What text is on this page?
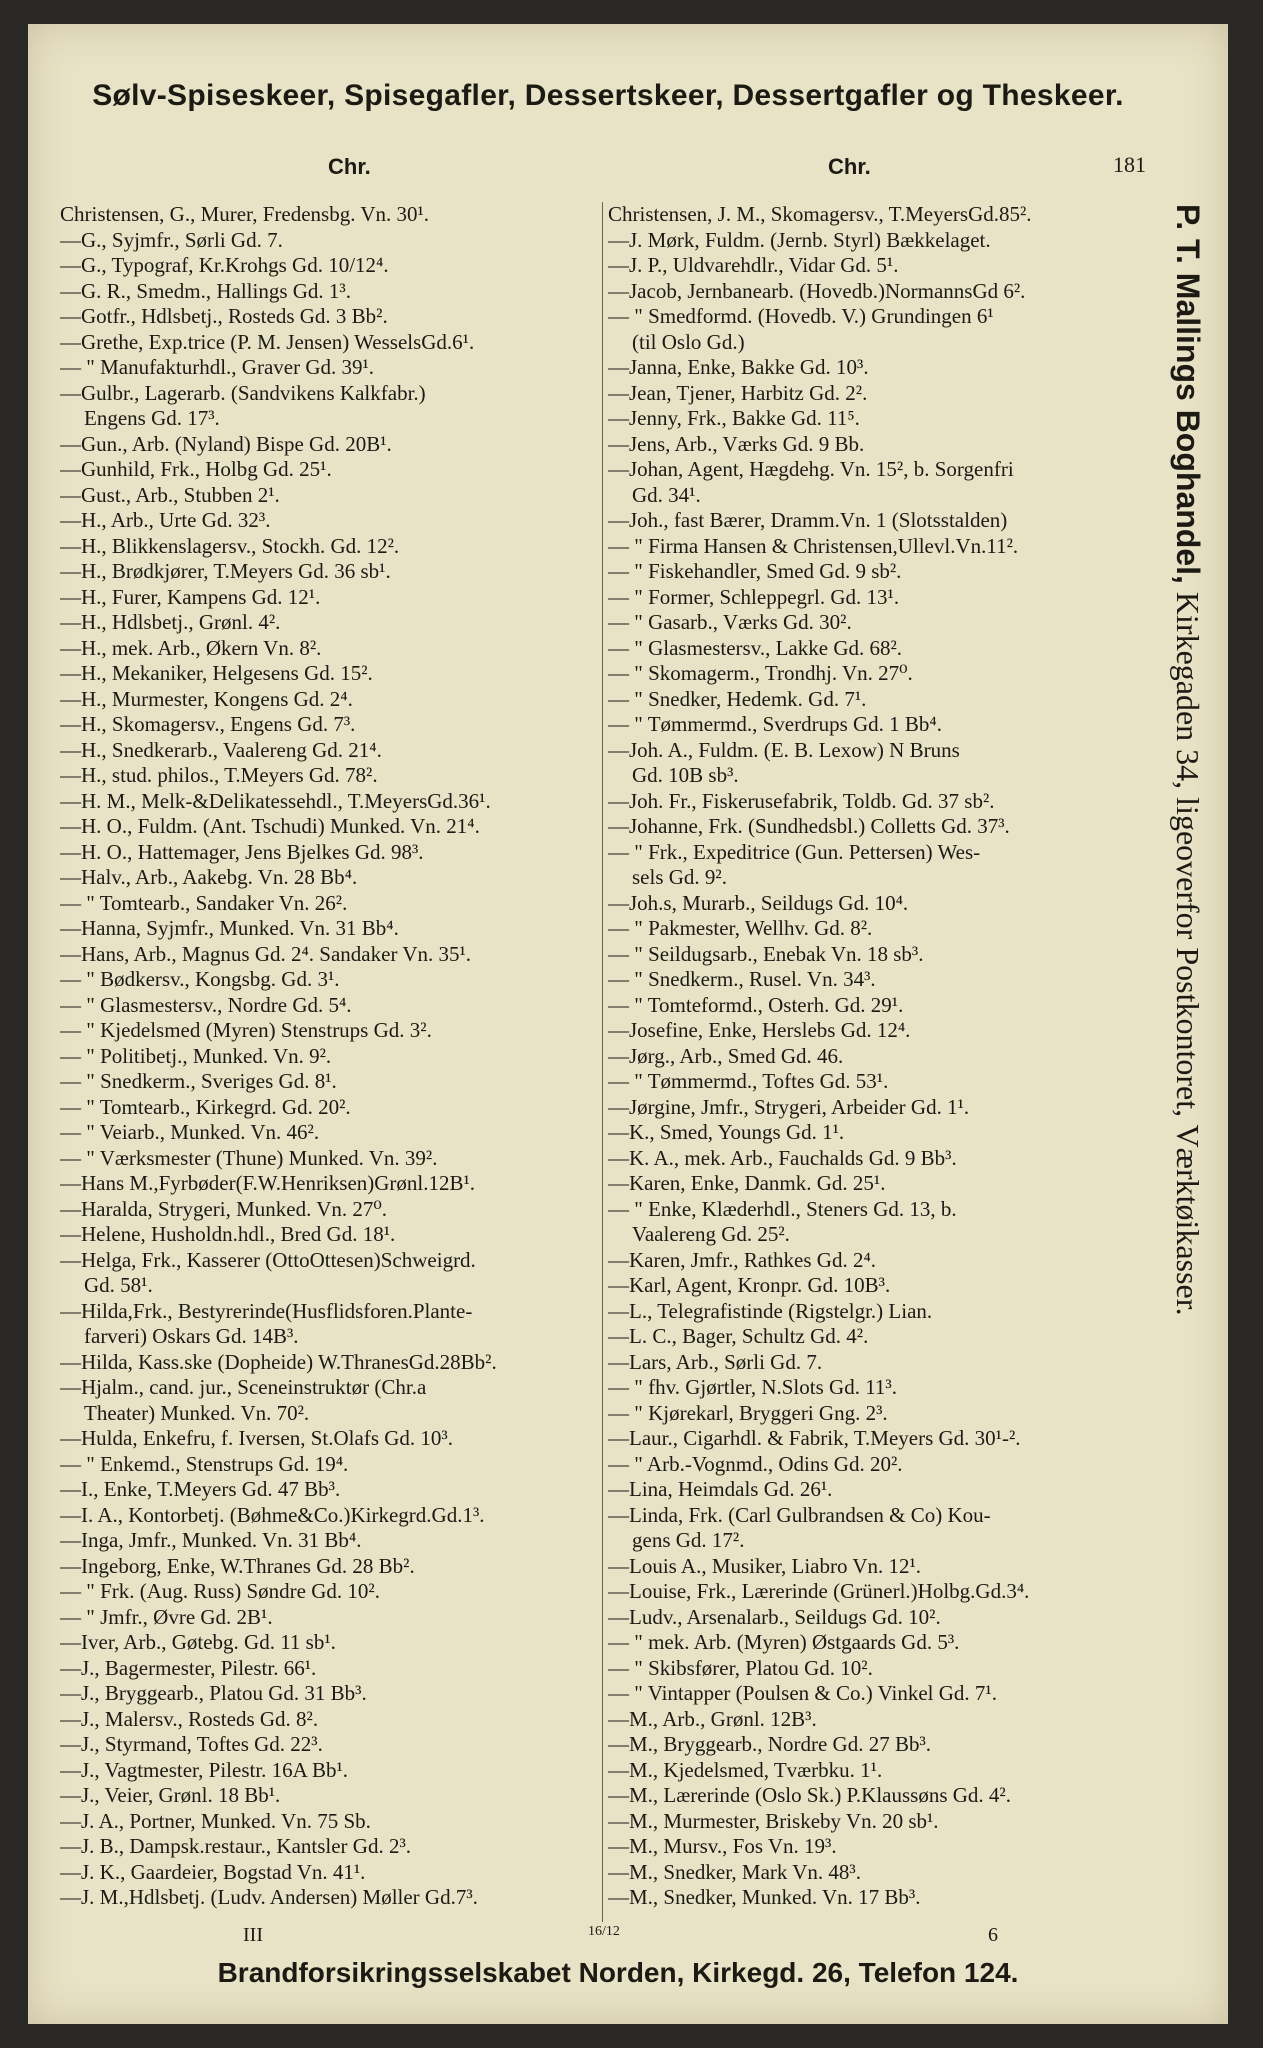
Sølv-Spiseskeer, Spisegafler, Dessertskeer, Dessertgafler og Theskeer.
Chr.	Chr.	181
Christensen, G., Murer, Fredensbg. Vn. 30¹.
—G., Syjmfr., Sørli Gd. 7.
—G., Typograf, Kr.Krohgs Gd. 10/12⁴.
—G. R., Smedm., Hallings Gd. 1³.
—Gotfr., Hdlsbetj., Rosteds Gd. 3 Bb².
—Grethe, Exp.trice (P. M. Jensen) WesselsGd.6¹.
— " Manufakturhdl., Graver Gd. 39¹.
—Gulbr., Lagerarb. (Sandvikens Kalkfabr.)
Engens Gd. 17³.
—Gun., Arb. (Nyland) Bispe Gd. 20B¹.
—Gunhild, Frk., Holbg Gd. 25¹.
—Gust., Arb., Stubben 2¹.
—H., Arb., Urte Gd. 32³.
—H., Blikkenslagersv., Stockh. Gd. 12².
—H., Brødkjører, T.Meyers Gd. 36 sb¹.
—H., Furer, Kampens Gd. 12¹.
—H., Hdlsbetj., Grønl. 4².
—H., mek. Arb., Økern Vn. 8².
—H., Mekaniker, Helgesens Gd. 15².
—H., Murmester, Kongens Gd. 2⁴.
—H., Skomagersv., Engens Gd. 7³.
—H., Snedkerarb., Vaalereng Gd. 21⁴.
—H., stud. philos., T.Meyers Gd. 78².
—H. M., Melk-&Delikatessehdl., T.MeyersGd.36¹.
—H. O., Fuldm. (Ant. Tschudi) Munked. Vn. 21⁴.
—H. O., Hattemager, Jens Bjelkes Gd. 98³.
—Halv., Arb., Aakebg. Vn. 28 Bb⁴.
— " Tomtearb., Sandaker Vn. 26².
—Hanna, Syjmfr., Munked. Vn. 31 Bb⁴.
—Hans, Arb., Magnus Gd. 2⁴. Sandaker Vn. 35¹.
— " Bødkersv., Kongsbg. Gd. 3¹.
— " Glasmestersv., Nordre Gd. 5⁴.
— " Kjedelsmed (Myren) Stenstrups Gd. 3².
— " Politibetj., Munked. Vn. 9².
— " Snedkerm., Sveriges Gd. 8¹.
— " Tomtearb., Kirkegrd. Gd. 20².
— " Veiarb., Munked. Vn. 46².
— " Værksmester (Thune) Munked. Vn. 39².
—Hans M.,Fyrbøder(F.W.Henriksen)Grønl.12B¹.
—Haralda, Strygeri, Munked. Vn. 27⁰.
—Helene, Husholdn.hdl., Bred Gd. 18¹.
—Helga, Frk., Kasserer (OttoOttesen)Schweigrd.
Gd. 58¹.
—Hilda,Frk., Bestyrerinde(Husflidsforen.Plante-
farveri) Oskars Gd. 14B³.
—Hilda, Kass.ske (Dopheide) W.ThranesGd.28Bb².
—Hjalm., cand. jur., Sceneinstruktør (Chr.a
Theater) Munked. Vn. 70².
—Hulda, Enkefru, f. Iversen, St.Olafs Gd. 10³.
— " Enkemd., Stenstrups Gd. 19⁴.
—I., Enke, T.Meyers Gd. 47 Bb³.
—I. A., Kontorbetj. (Bøhme&Co.)Kirkegrd.Gd.1³.
—Inga, Jmfr., Munked. Vn. 31 Bb⁴.
—Ingeborg, Enke, W.Thranes Gd. 28 Bb².
— " Frk. (Aug. Russ) Søndre Gd. 10².
— " Jmfr., Øvre Gd. 2B¹.
—Iver, Arb., Gøtebg. Gd. 11 sb¹.
—J., Bagermester, Pilestr. 66¹.
—J., Bryggearb., Platou Gd. 31 Bb³.
—J., Malersv., Rosteds Gd. 8².
—J., Styrmand, Toftes Gd. 22³.
—J., Vagtmester, Pilestr. 16A Bb¹.
—J., Veier, Grønl. 18 Bb¹.
—J. A., Portner, Munked. Vn. 75 Sb.
—J. B., Dampsk.restaur., Kantsler Gd. 2³.
—J. K., Gaardeier, Bogstad Vn. 41¹.
—J. M.,Hdlsbetj. (Ludv. Andersen) Møller Gd.7³.
Christensen, J. M., Skomagersv., T.MeyersGd.85².
—J. Mørk, Fuldm. (Jernb. Styrl) Bækkelaget.
—J. P., Uldvarehdlr., Vidar Gd. 5¹.
—Jacob, Jernbanearb. (Hovedb.)NormannsGd 6².
— " Smedformd. (Hovedb. V.) Grundingen 6¹
(til Oslo Gd.)
—Janna, Enke, Bakke Gd. 10³.
—Jean, Tjener, Harbitz Gd. 2².
—Jenny, Frk., Bakke Gd. 11⁵.
—Jens, Arb., Værks Gd. 9 Bb.
—Johan, Agent, Hægdehg. Vn. 15², b. Sorgenfri
Gd. 34¹.
—Joh., fast Bærer, Dramm.Vn. 1 (Slotsstalden)
— " Firma Hansen & Christensen,Ullevl.Vn.11².
— " Fiskehandler, Smed Gd. 9 sb².
— " Former, Schleppegrl. Gd. 13¹.
— " Gasarb., Værks Gd. 30².
— " Glasmestersv., Lakke Gd. 68².
— " Skomagerm., Trondhj. Vn. 27⁰.
— " Snedker, Hedemk. Gd. 7¹.
— " Tømmermd., Sverdrups Gd. 1 Bb⁴.
—Joh. A., Fuldm. (E. B. Lexow) N Bruns
Gd. 10B sb³.
—Joh. Fr., Fiskerusefabrik, Toldb. Gd. 37 sb².
—Johanne, Frk. (Sundhedsbl.) Colletts Gd. 37³.
— " Frk., Expeditrice (Gun. Pettersen) Wes-
sels Gd. 9².
—Joh.s, Murarb., Seildugs Gd. 10⁴.
— " Pakmester, Wellhv. Gd. 8².
— " Seildugsarb., Enebak Vn. 18 sb³.
— " Snedkerm., Rusel. Vn. 34³.
— " Tomteformd., Osterh. Gd. 29¹.
—Josefine, Enke, Herslebs Gd. 12⁴.
—Jørg., Arb., Smed Gd. 46.
— " Tømmermd., Toftes Gd. 53¹.
—Jørgine, Jmfr., Strygeri, Arbeider Gd. 1¹.
—K., Smed, Youngs Gd. 1¹.
—K. A., mek. Arb., Fauchalds Gd. 9 Bb³.
—Karen, Enke, Danmk. Gd. 25¹.
— " Enke, Klæderhdl., Steners Gd. 13, b.
Vaalereng Gd. 25².
—Karen, Jmfr., Rathkes Gd. 2⁴.
—Karl, Agent, Kronpr. Gd. 10B³.
—L., Telegrafistinde (Rigstelgr.) Lian.
—L. C., Bager, Schultz Gd. 4².
—Lars, Arb., Sørli Gd. 7.
— " fhv. Gjørtler, N.Slots Gd. 11³.
— " Kjørekarl, Bryggeri Gng. 2³.
—Laur., Cigarhdl. & Fabrik, T.Meyers Gd. 30¹-².
— " Arb.-Vognmd., Odins Gd. 20².
—Lina, Heimdals Gd. 26¹.
—Linda, Frk. (Carl Gulbrandsen & Co) Kou-
gens Gd. 17².
—Louis A., Musiker, Liabro Vn. 12¹.
—Louise, Frk., Lærerinde (Grünerl.)Holbg.Gd.3⁴.
—Ludv., Arsenalarb., Seildugs Gd. 10².
— " mek. Arb. (Myren) Østgaards Gd. 5³.
— " Skibsfører, Platou Gd. 10².
— " Vintapper (Poulsen & Co.) Vinkel Gd. 7¹.
—M., Arb., Grønl. 12B³.
—M., Bryggearb., Nordre Gd. 27 Bb³.
—M., Kjedelsmed, Tværbku. 1¹.
—M., Lærerinde (Oslo Sk.) P.Klaussøns Gd. 4².
—M., Murmester, Briskeby Vn. 20 sb¹.
—M., Mursv., Fos Vn. 19³.
—M., Snedker, Mark Vn. 48³.
—M., Snedker, Munked. Vn. 17 Bb³.
P. T. Mallings Boghandel, Kirkegaden 34, ligeoverfor Postkontoret, Værktøikasser.
III	16/12	6
Brandforsikringsselskabet Norden, Kirkegd. 26, Telefon 124.
